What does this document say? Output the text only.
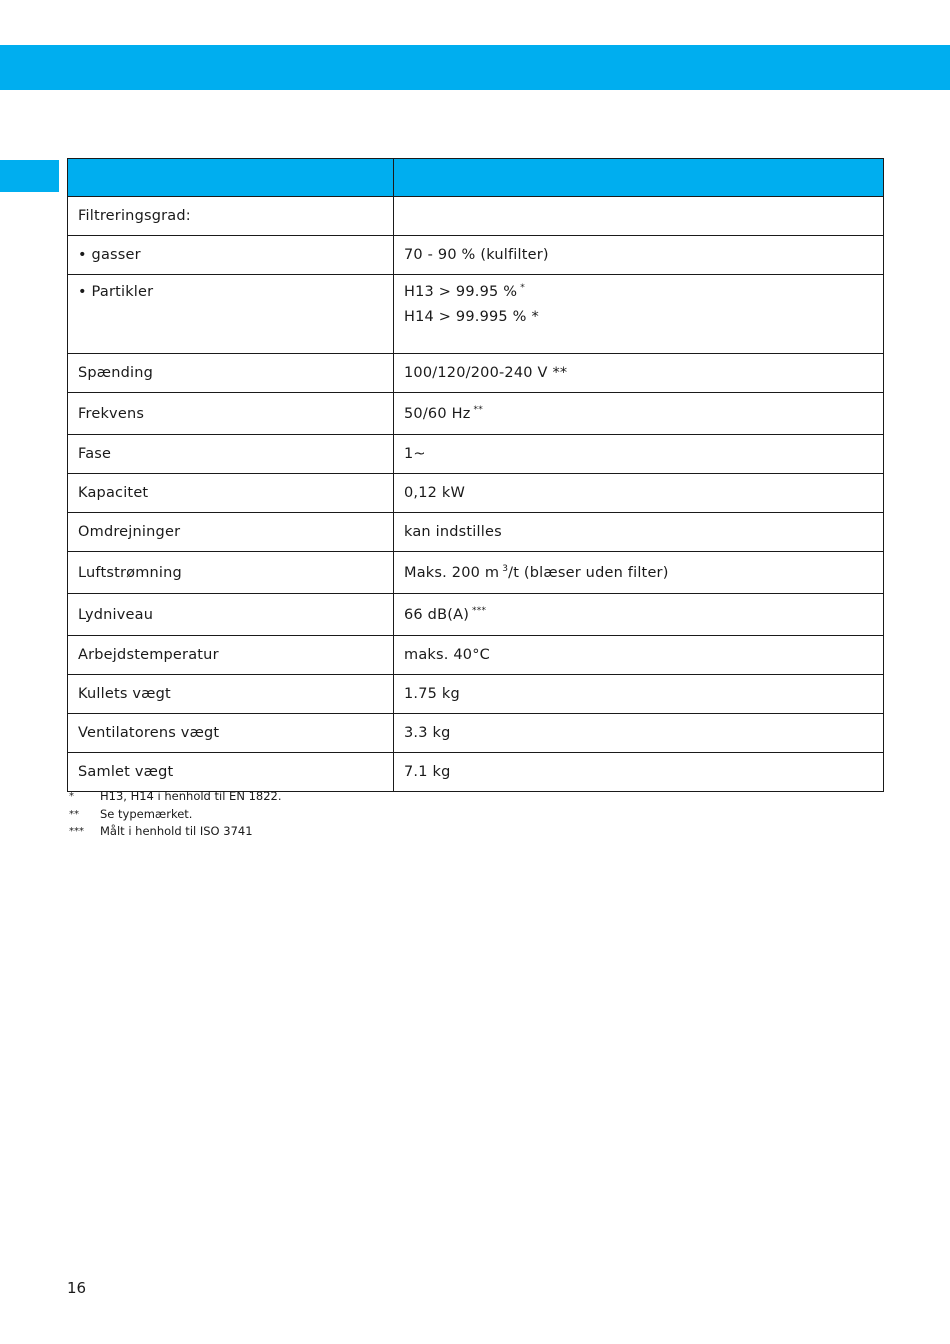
Filtreringsgrad:	
• gasser	70 - 90 % (kulfilter)
• Partikler	H13 > 99.95 % *
H14 > 99.995 % *

Spænding	100/120/200-240 V **
Frekvens	50/60 Hz **
Fase	1~
Kapacitet	0,12 kW
Omdrejninger	kan indstilles
Luftstrømning	Maks. 200 m $^3$/t (blæser uden filter)
Lydniveau	66 dB(A) ***
Arbejdstemperatur	maks. 40°C
Kullets vægt	1.75 kg
Ventilatorens vægt	3.3 kg
Samlet vægt	7.1 kg
*	H13, H14 i henhold til EN 1822.
**	Se typemærket.
***	Målt i henhold til ISO 3741
16
